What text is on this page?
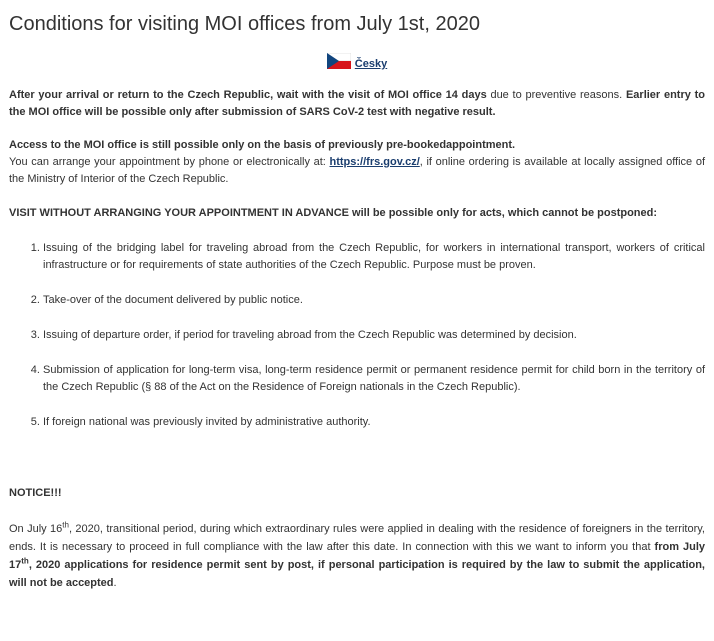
Conditions for visiting MOI offices from July 1st, 2020
Česky

After your arrival or return to the Czech Republic, wait with the visit of MOI office 14 days due to preventive reasons. Earlier entry to the MOI office will be possible only after submission of SARS CoV-2 test with negative result.

Access to the MOI office is still possible only on the basis of previously pre-bookedappointment.
You can arrange your appointment by phone or electronically at: https://frs.gov.cz/, if online ordering is available at locally assigned office of the Ministry of Interior of the Czech Republic.

VISIT WITHOUT ARRANGING YOUR APPOINTMENT IN ADVANCE will be possible only for acts, which cannot be postponed:

1. Issuing of the bridging label for traveling abroad from the Czech Republic, for workers in international transport, workers of critical infrastructure or for requirements of state authorities of the Czech Republic. Purpose must be proven.
2. Take-over of the document delivered by public notice.
3. Issuing of departure order, if period for traveling abroad from the Czech Republic was determined by decision.
4. Submission of application for long-term visa, long-term residence permit or permanent residence permit for child born in the territory of the Czech Republic (§ 88 of the Act on the Residence of Foreign nationals in the Czech Republic).
5. If foreign national was previously invited by administrative authority.

NOTICE!!!

On July 16th, 2020, transitional period, during which extraordinary rules were applied in dealing with the residence of foreigners in the territory, ends. It is necessary to proceed in full compliance with the law after this date. In connection with this we want to inform you that from July 17th, 2020 applications for residence permit sent by post, if personal participation is required by the law to submit the application, will not be accepted.
